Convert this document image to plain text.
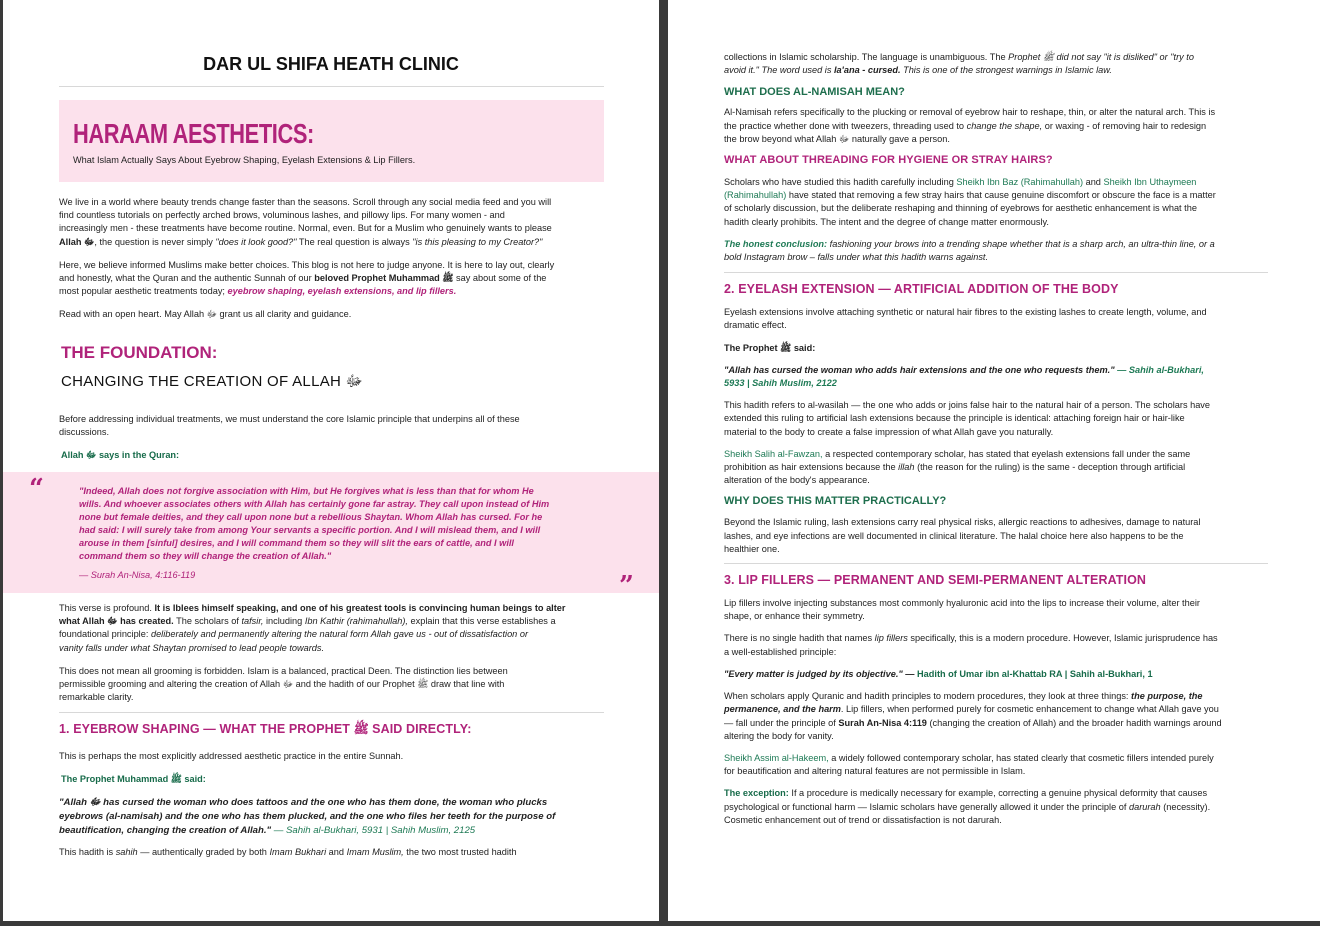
DAR UL SHIFA HEATH CLINIC
HARAAM AESTHETICS:
What Islam Actually Says About Eyebrow Shaping, Eyelash Extensions & Lip Fillers.

We live in a world where beauty trends change faster than the seasons. Scroll through any social media feed and you will

find countless tutorials on perfectly arched brows, voluminous lashes, and pillowy lips. For many women - and

increasingly men - these treatments have become routine. Normal, even. But for a Muslim who genuinely wants to please

Allah ﷻ, the question is never simply "does it look good?" The real question is always "is this pleasing to my Creator?"

Here, we believe informed Muslims make better choices. This blog is not here to judge anyone. It is here to lay out, clearly

and honestly, what the Quran and the authentic Sunnah of our beloved Prophet Muhammad ﷺ say about some of the

most popular aesthetic treatments today; eyebrow shaping, eyelash extensions, and lip fillers.

Read with an open heart. May Allah ﷻ grant us all clarity and guidance.

THE FOUNDATION:
CHANGING THE CREATION OF ALLAH ﷻ

Before addressing individual treatments, we must understand the core Islamic principle that underpins all of these

discussions.

Allah ﷻ says in the Quran:

"Indeed, Allah does not forgive association with Him, but He forgives what is less than that for whom He
wills. And whoever associates others with Allah has certainly gone far astray. They call upon instead of Him
none but female deities, and they call upon none but a rebellious Shaytan. Whom Allah has cursed. For he
had said: I will surely take from among Your servants a specific portion. And I will mislead them, and I will
arouse in them [sinful] desires, and I will command them so they will slit the ears of cattle, and I will
command them so they will change the creation of Allah."
— Surah An-Nisa, 4:116-119
“
”

This verse is profound. It is Iblees himself speaking, and one of his greatest tools is convincing human beings to alter

what Allah ﷻ has created. The scholars of tafsir, including Ibn Kathir (rahimahullah), explain that this verse establishes a

foundational principle: deliberately and permanently altering the natural form Allah gave us - out of dissatisfaction or

vanity falls under what Shaytan promised to lead people towards.

This does not mean all grooming is forbidden. Islam is a balanced, practical Deen. The distinction lies between

permissible grooming and altering the creation of Allah ﷻ and the hadith of our Prophet ﷺ draw that line with

remarkable clarity.

1. EYEBROW SHAPING — WHAT THE PROPHET ﷺ SAID DIRECTLY:

This is perhaps the most explicitly addressed aesthetic practice in the entire Sunnah.

The Prophet Muhammad ﷺ said:

"Allah ﷻ has cursed the woman who does tattoos and the one who has them done, the woman who plucks

eyebrows (al-namisah) and the one who has them plucked, and the one who files her teeth for the purpose of

beautification, changing the creation of Allah." — Sahih al-Bukhari, 5931 | Sahih Muslim, 2125

This hadith is sahih — authentically graded by both Imam Bukhari and Imam Muslim, the two most trusted hadith

collections in Islamic scholarship. The language is unambiguous. The Prophet ﷺ did not say "it is disliked" or "try to

avoid it." The word used is la'ana - cursed. This is one of the strongest warnings in Islamic law.

WHAT DOES AL-NAMISAH MEAN?

Al-Namisah refers specifically to the plucking or removal of eyebrow hair to reshape, thin, or alter the natural arch. This is

the practice whether done with tweezers, threading used to change the shape, or waxing - of removing hair to redesign

the brow beyond what Allah ﷻ naturally gave a person.

WHAT ABOUT THREADING FOR HYGIENE OR STRAY HAIRS?

Scholars who have studied this hadith carefully including Sheikh Ibn Baz (Rahimahullah) and Sheikh Ibn Uthaymeen

(Rahimahullah) have stated that removing a few stray hairs that cause genuine discomfort or obscure the face is a matter

of scholarly discussion, but the deliberate reshaping and thinning of eyebrows for aesthetic enhancement is what the

hadith clearly prohibits. The intent and the degree of change matter enormously.

The honest conclusion: fashioning your brows into a trending shape whether that is a sharp arch, an ultra-thin line, or a

bold Instagram brow – falls under what this hadith warns against.

2. EYELASH EXTENSION — ARTIFICIAL ADDITION OF THE BODY

Eyelash extensions involve attaching synthetic or natural hair fibres to the existing lashes to create length, volume, and

dramatic effect.

The Prophet ﷺ said:

"Allah has cursed the woman who adds hair extensions and the one who requests them." — Sahih al-Bukhari,

5933 | Sahih Muslim, 2122

This hadith refers to al-wasilah — the one who adds or joins false hair to the natural hair of a person. The scholars have

extended this ruling to artificial lash extensions because the principle is identical: attaching foreign hair or hair-like

material to the body to create a false impression of what Allah gave you naturally.

Sheikh Salih al-Fawzan, a respected contemporary scholar, has stated that eyelash extensions fall under the same

prohibition as hair extensions because the illah (the reason for the ruling) is the same - deception through artificial

alteration of the body's appearance.

WHY DOES THIS MATTER PRACTICALLY?

Beyond the Islamic ruling, lash extensions carry real physical risks, allergic reactions to adhesives, damage to natural

lashes, and eye infections are well documented in clinical literature. The halal choice here also happens to be the

healthier one.

3. LIP FILLERS — PERMANENT AND SEMI-PERMANENT ALTERATION

Lip fillers involve injecting substances most commonly hyaluronic acid into the lips to increase their volume, alter their

shape, or enhance their symmetry.

There is no single hadith that names lip fillers specifically, this is a modern procedure. However, Islamic jurisprudence has

a well-established principle:

"Every matter is judged by its objective." — Hadith of Umar ibn al-Khattab RA | Sahih al-Bukhari, 1

When scholars apply Quranic and hadith principles to modern procedures, they look at three things: the purpose, the

permanence, and the harm. Lip fillers, when performed purely for cosmetic enhancement to change what Allah gave you

— fall under the principle of Surah An-Nisa 4:119 (changing the creation of Allah) and the broader hadith warnings around

altering the body for vanity.

Sheikh Assim al-Hakeem, a widely followed contemporary scholar, has stated clearly that cosmetic fillers intended purely

for beautification and altering natural features are not permissible in Islam.

The exception: If a procedure is medically necessary for example, correcting a genuine physical deformity that causes

psychological or functional harm — Islamic scholars have generally allowed it under the principle of darurah (necessity).

Cosmetic enhancement out of trend or dissatisfaction is not darurah.
